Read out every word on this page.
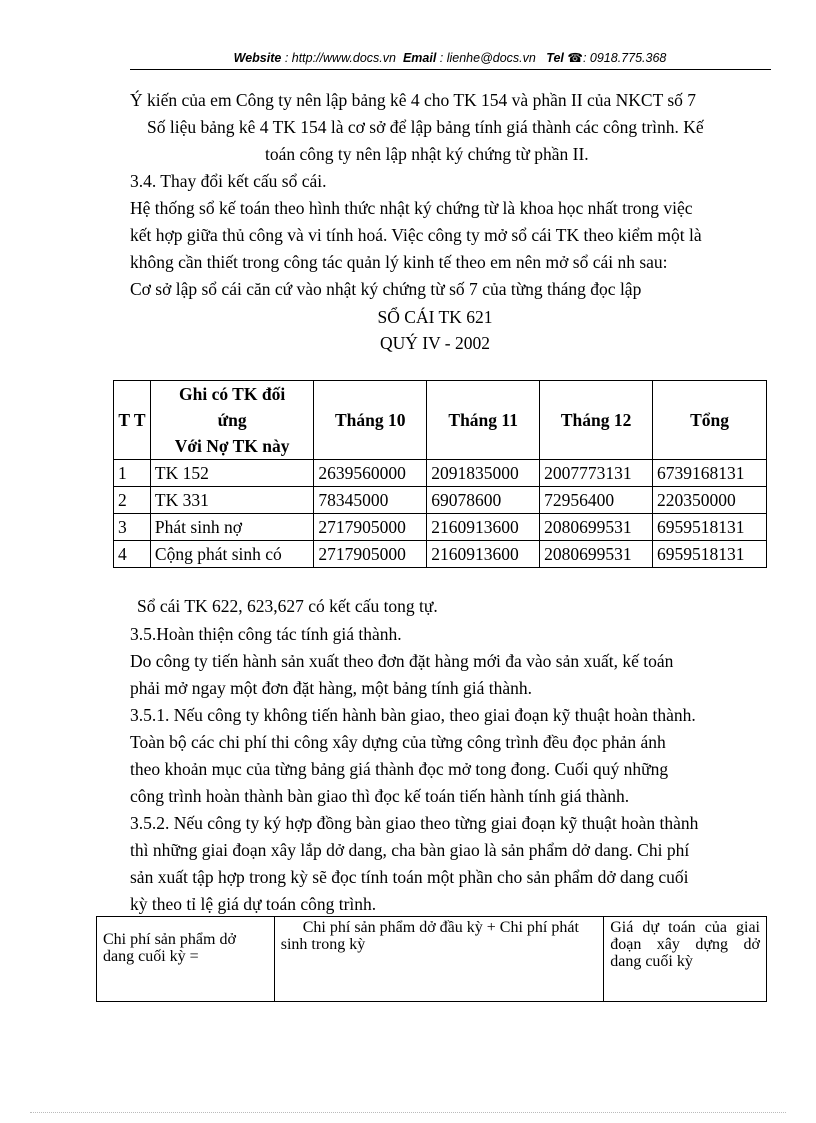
Website : http://www.docs.vn Email : lienhe@docs.vn Tel ☎: 0918.775.368
Ý kiến của em Công ty nên lập bảng kê 4 cho TK 154 và phần II của NKCT số 7
Số liệu bảng kê 4 TK 154 là cơ sở để lập bảng tính giá thành các công trình. Kế
toán công ty nên lập nhật ký chứng từ phần II.
3.4. Thay đổi kết cấu sổ cái.
Hệ thống sổ kế toán theo hình thức nhật ký chứng từ là khoa học nhất trong việc
kết hợp giữa thủ công và vi tính hoá. Việc công ty mở sổ cái TK theo kiểm một là
không cần thiết trong công tác quản lý kinh tế theo em nên mở sổ cái nh sau:
Cơ sở lập sổ cái căn cứ vào nhật ký chứng từ số 7 của từng tháng đọc lập
SỔ CÁI TK 621
QUÝ IV - 2002
T T	Ghi có TK đối
ứng
Với Nợ TK này	Tháng 10	Tháng 11	Tháng 12	Tổng
1	TK 152	2639560000	2091835000	2007773131	6739168131
2	TK 331	78345000	69078600	72956400	220350000
3	Phát sinh nợ	2717905000	2160913600	2080699531	6959518131
4	Cộng phát sinh có	2717905000	2160913600	2080699531	6959518131
Sổ cái TK 622, 623,627 có kết cấu tong tự.
3.5.Hoàn thiện công tác tính giá thành.
Do công ty tiến hành sản xuất theo đơn đặt hàng mới đa vào sản xuất, kế toán
phải mở ngay một đơn đặt hàng, một bảng tính giá thành.
3.5.1. Nếu công ty không tiến hành bàn giao, theo giai đoạn kỹ thuật hoàn thành.
Toàn bộ các chi phí thi công xây dựng của từng công trình đều đọc phản ánh
theo khoản mục của từng bảng giá thành đọc mở tong đong. Cuối quý những
công trình hoàn thành bàn giao thì đọc kế toán tiến hành tính giá thành.
3.5.2. Nếu công ty ký hợp đồng bàn giao theo từng giai đoạn kỹ thuật hoàn thành
thì những giai đoạn xây lắp dở dang, cha bàn giao là sản phẩm dở dang. Chi phí
sản xuất tập hợp trong kỳ sẽ đọc tính toán một phần cho sản phẩm dở dang cuối
kỳ theo tỉ lệ giá dự toán công trình.
Chi phí sản phẩm dở dang cuối kỳ =	Chi phí sản phẩm dở đầu kỳ + Chi phí phát sinh trong kỳ	Giá dự toán của giai đoạn xây dựng dở dang cuối kỳ
